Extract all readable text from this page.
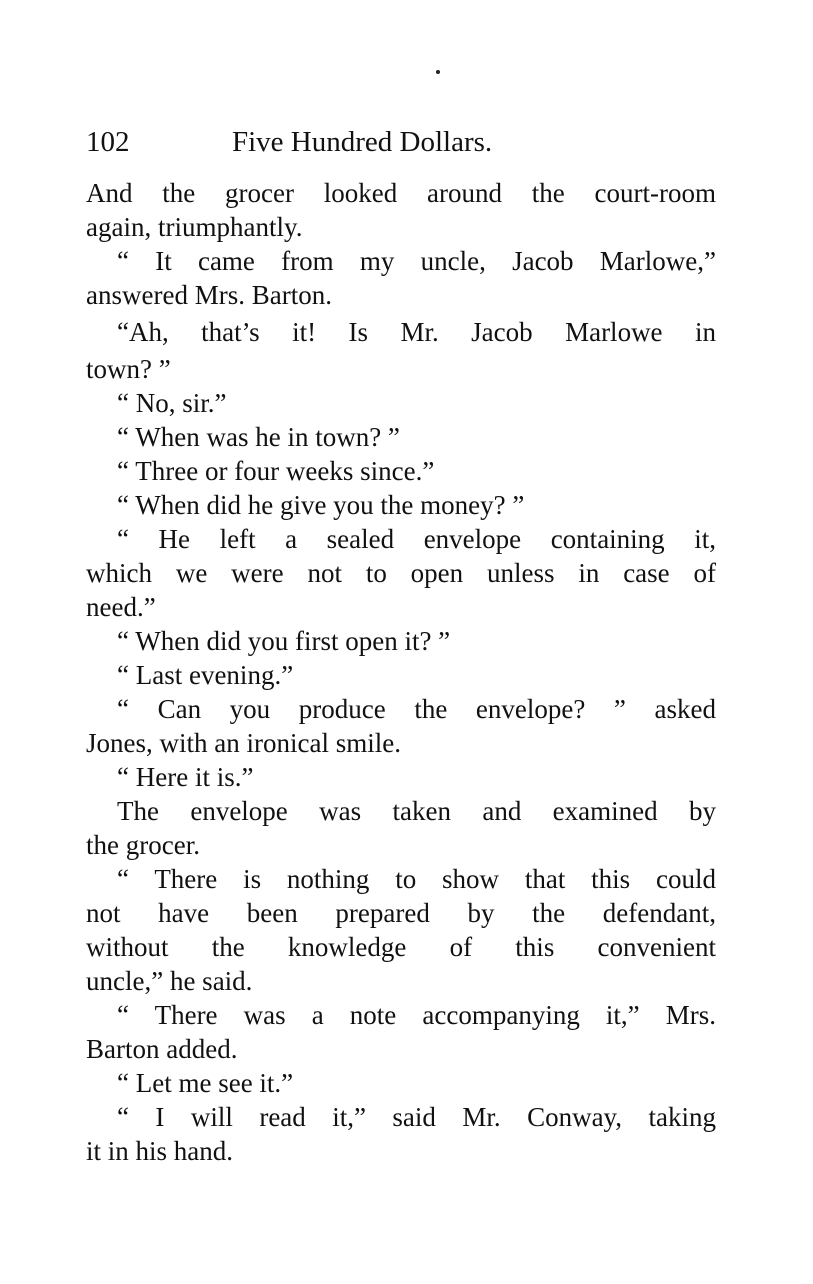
102	Five Hundred Dollars.
And the grocer looked around the court-room
again, triumphantly.
“ It came from my uncle, Jacob Marlowe,”
answered Mrs. Barton.
“Ah, that’s it! Is Mr. Jacob Marlowe in
town? ”
“ No, sir.”
“ When was he in town? ”
“ Three or four weeks since.”
“ When did he give you the money? ”
“ He left a sealed envelope containing it,
which we were not to open unless in case of
need.”
“ When did you first open it? ”
“ Last evening.”
“ Can you produce the envelope? ” asked
Jones, with an ironical smile.
“ Here it is.”
The envelope was taken and examined by
the grocer.
“ There is nothing to show that this could
not have been prepared by the defendant,
without the knowledge of this convenient
uncle,” he said.
“ There was a note accompanying it,” Mrs.
Barton added.
“ Let me see it.”
“ I will read it,” said Mr. Conway, taking
it in his hand.
